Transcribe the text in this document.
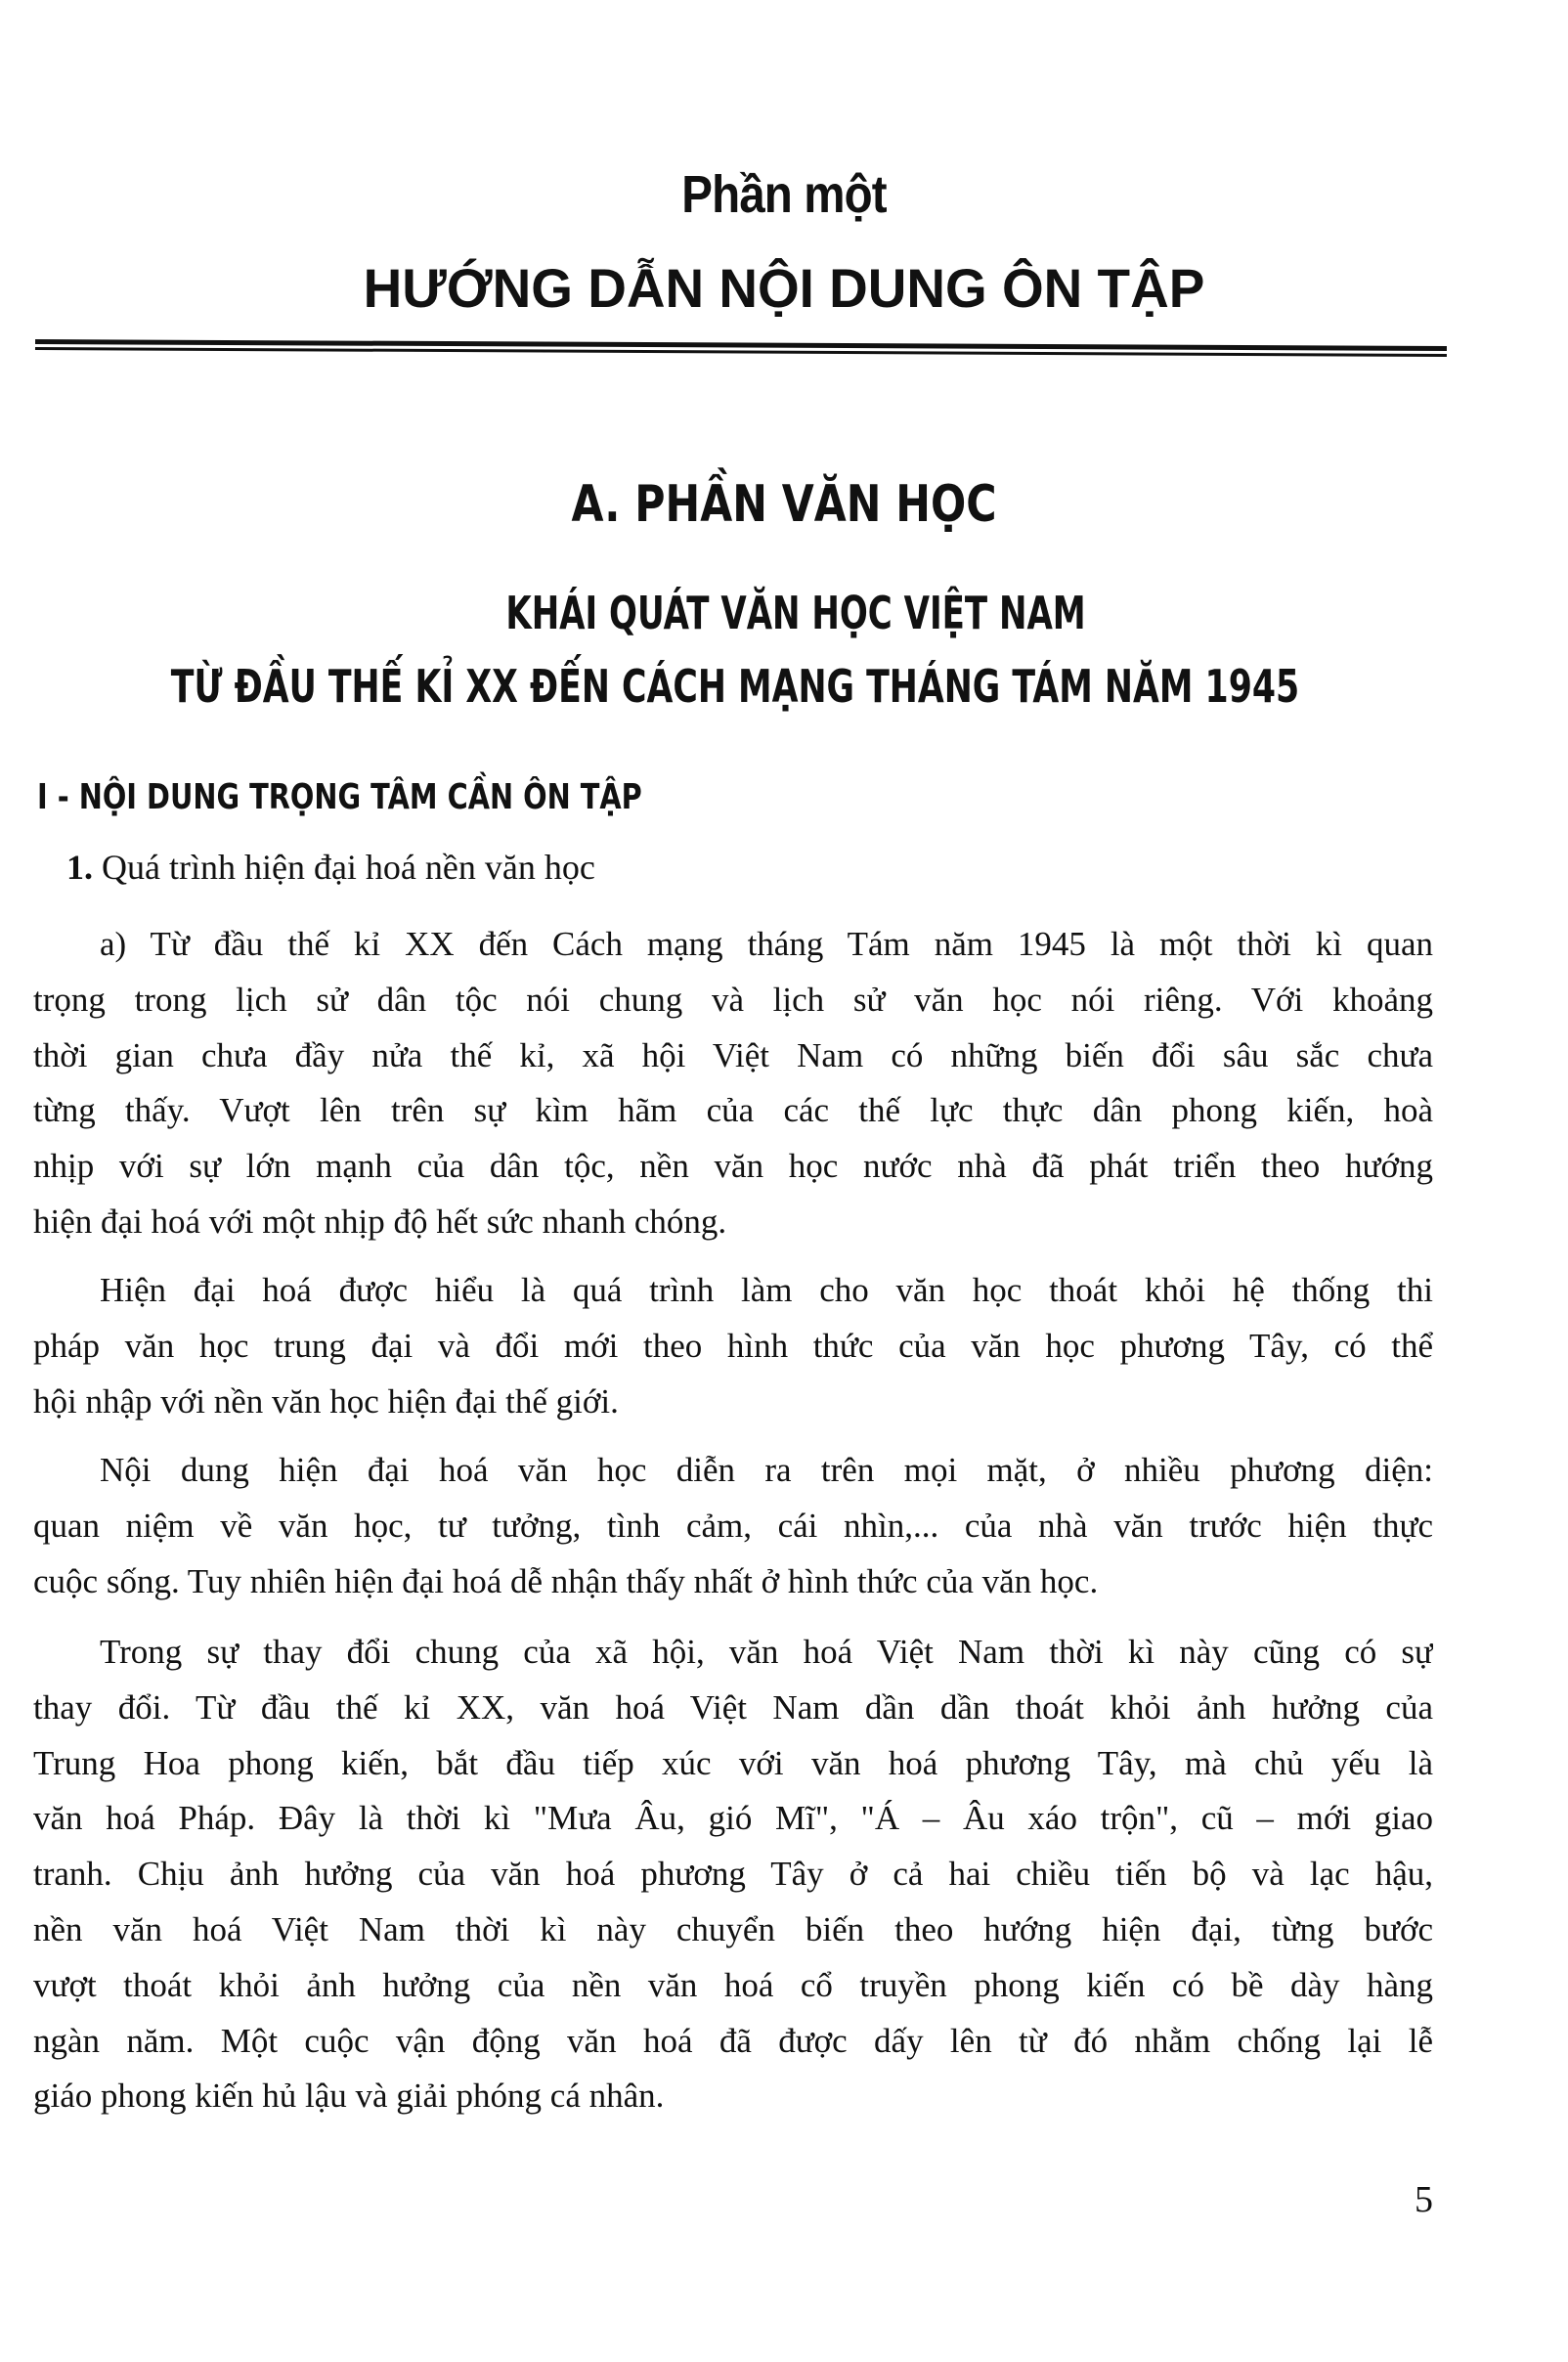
Phần một
HƯỚNG DẪN NỘI DUNG ÔN TẬP
A. PHẦN VĂN HỌC
KHÁI QUÁT VĂN HỌC VIỆT NAM
TỪ ĐẦU THẾ KỈ XX ĐẾN CÁCH MẠNG THÁNG TÁM NĂM 1945
I - NỘI DUNG TRỌNG TÂM CẦN ÔN TẬP
1. Quá trình hiện đại hoá nền văn học
a) Từ đầu thế kỉ XX đến Cách mạng tháng Tám năm 1945 là một thời kì quan
trọng trong lịch sử dân tộc nói chung và lịch sử văn học nói riêng. Với khoảng
thời gian chưa đầy nửa thế kỉ, xã hội Việt Nam có những biến đổi sâu sắc chưa
từng thấy. Vượt lên trên sự kìm hãm của các thế lực thực dân phong kiến, hoà
nhịp với sự lớn mạnh của dân tộc, nền văn học nước nhà đã phát triển theo hướng
hiện đại hoá với một nhịp độ hết sức nhanh chóng.
Hiện đại hoá được hiểu là quá trình làm cho văn học thoát khỏi hệ thống thi
pháp văn học trung đại và đổi mới theo hình thức của văn học phương Tây, có thể
hội nhập với nền văn học hiện đại thế giới.
Nội dung hiện đại hoá văn học diễn ra trên mọi mặt, ở nhiều phương diện:
quan niệm về văn học, tư tưởng, tình cảm, cái nhìn,... của nhà văn trước hiện thực
cuộc sống. Tuy nhiên hiện đại hoá dễ nhận thấy nhất ở hình thức của văn học.
Trong sự thay đổi chung của xã hội, văn hoá Việt Nam thời kì này cũng có sự
thay đổi. Từ đầu thế kỉ XX, văn hoá Việt Nam dần dần thoát khỏi ảnh hưởng của
Trung Hoa phong kiến, bắt đầu tiếp xúc với văn hoá phương Tây, mà chủ yếu là
văn hoá Pháp. Đây là thời kì "Mưa Âu, gió Mĩ", "Á – Âu xáo trộn", cũ – mới giao
tranh. Chịu ảnh hưởng của văn hoá phương Tây ở cả hai chiều tiến bộ và lạc hậu,
nền văn hoá Việt Nam thời kì này chuyển biến theo hướng hiện đại, từng bước
vượt thoát khỏi ảnh hưởng của nền văn hoá cổ truyền phong kiến có bề dày hàng
ngàn năm. Một cuộc vận động văn hoá đã được dấy lên từ đó nhằm chống lại lễ
giáo phong kiến hủ lậu và giải phóng cá nhân.
5
